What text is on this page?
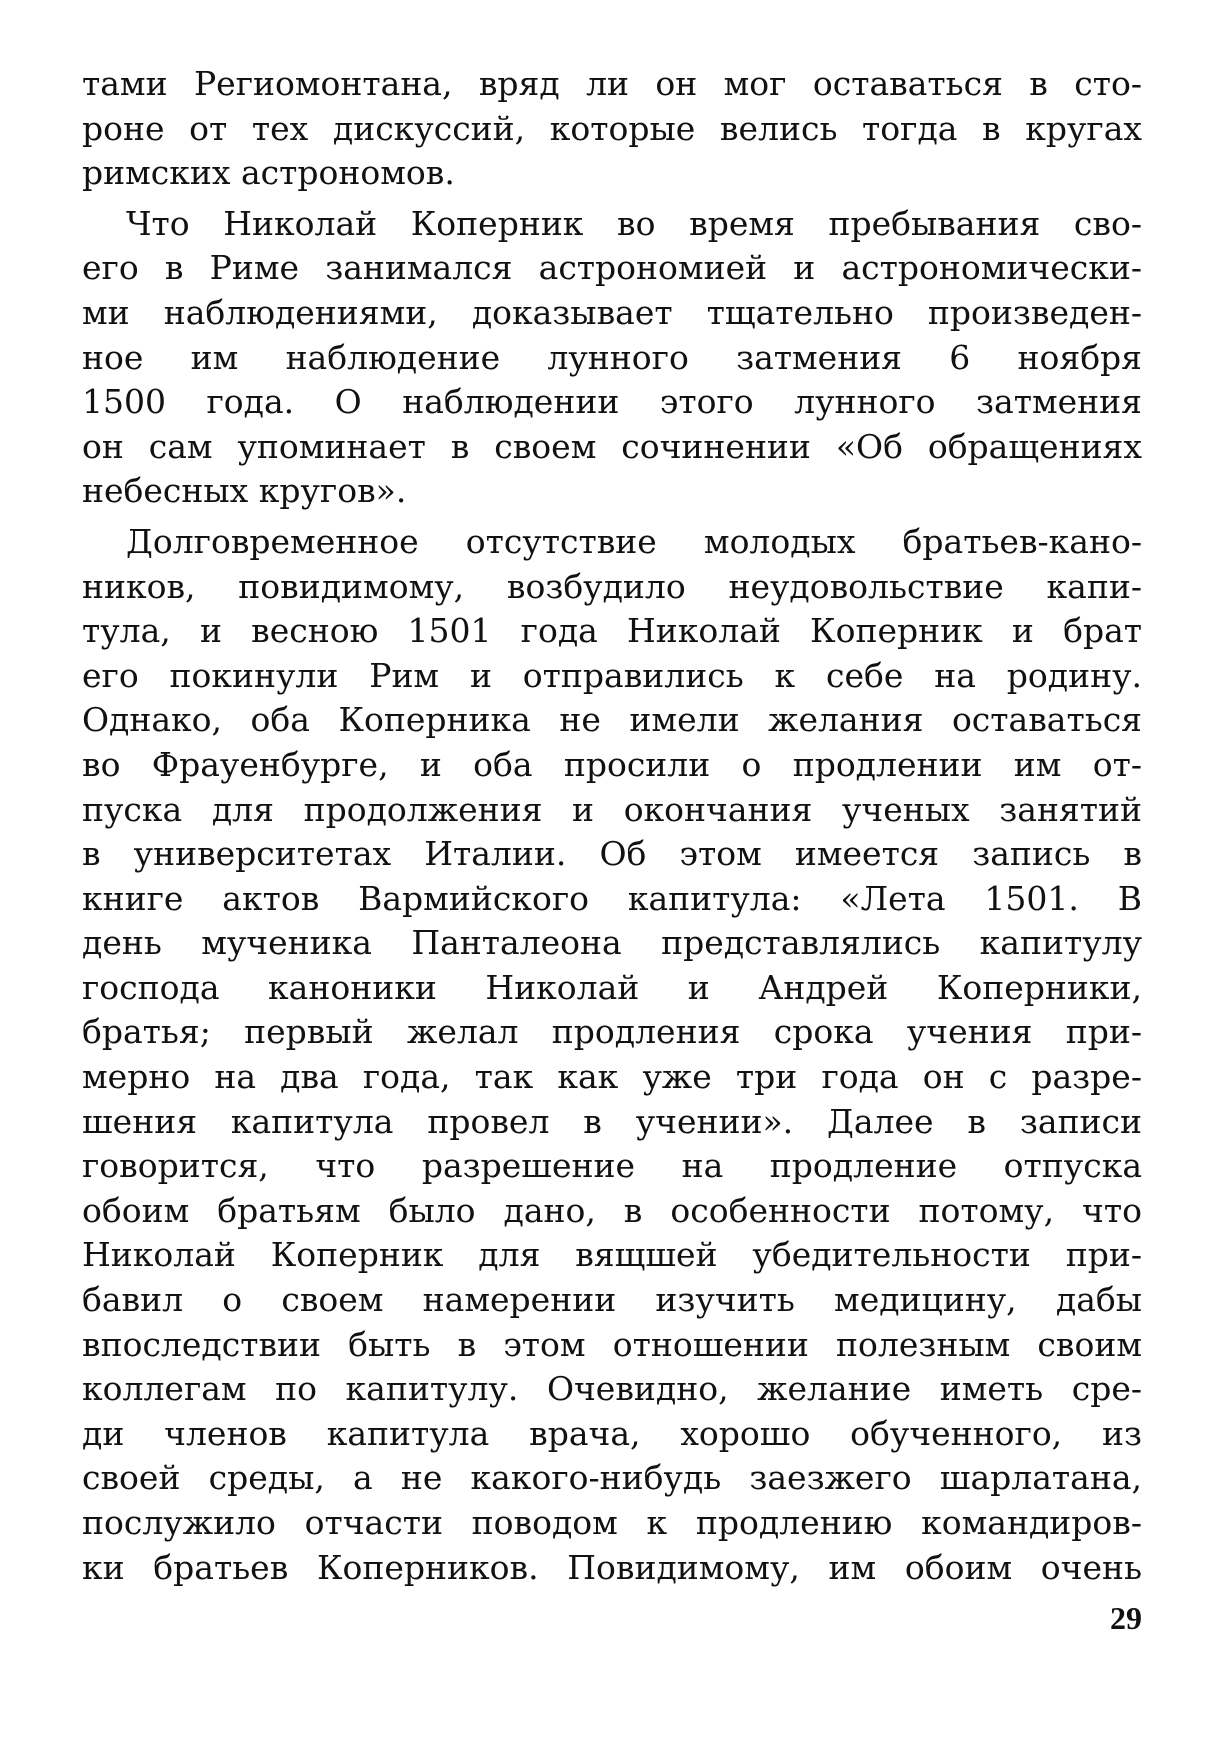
тами Региомонтана, вряд ли он мог оставаться в сто-
роне от тех дискуссий, которые велись тогда в кругах
римских астрономов.
Что Николай Коперник во время пребывания сво-
его в Риме занимался астрономией и астрономически-
ми наблюдениями, доказывает тщательно произведен-
ное им наблюдение лунного затмения 6 ноября
1500 года. О наблюдении этого лунного затмения
он сам упоминает в своем сочинении «Об обращениях
небесных кругов».
Долговременное отсутствие молодых братьев-кано-
ников, повидимому, возбудило неудовольствие капи-
тула, и весною 1501 года Николай Коперник и брат
его покинули Рим и отправились к себе на родину.
Однако, оба Коперника не имели желания оставаться
во Фрауенбурге, и оба просили о продлении им от-
пуска для продолжения и окончания ученых занятий
в университетах Италии. Об этом имеется запись в
книге актов Вармийского капитула: «Лета 1501. В
день мученика Панталеона представлялись капитулу
господа каноники Николай и Андрей Коперники,
братья; первый желал продления срока учения при-
мерно на два года, так как уже три года он с разре-
шения капитула провел в учении». Далее в записи
говорится, что разрешение на продление отпуска
обоим братьям было дано, в особенности потому, что
Николай Коперник для вящшей убедительности при-
бавил о своем намерении изучить медицину, дабы
впоследствии быть в этом отношении полезным своим
коллегам по капитулу. Очевидно, желание иметь сре-
ди членов капитула врача, хорошо обученного, из
своей среды, а не какого-нибудь заезжего шарлатана,
послужило отчасти поводом к продлению командиров-
ки братьев Коперников. Повидимому, им обоим очень
29
